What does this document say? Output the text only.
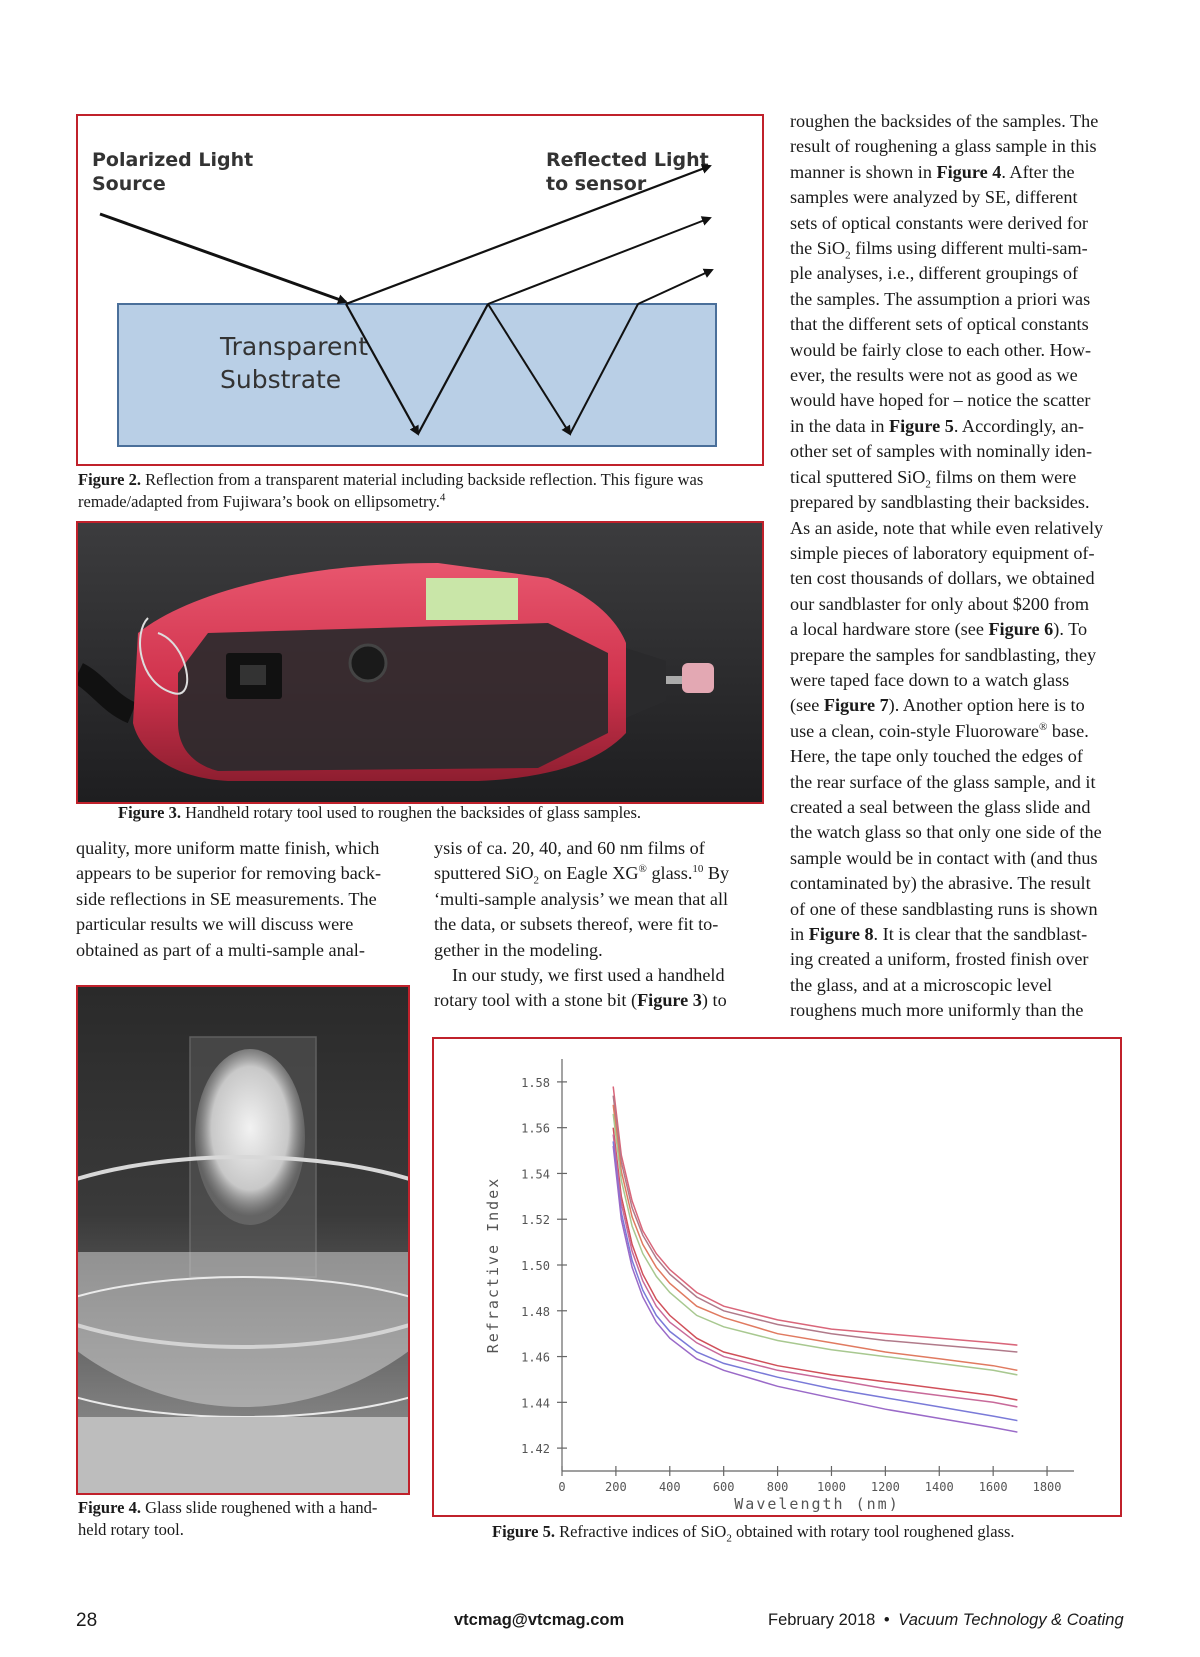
Polarized Light
Source
Reflected Light
to sensor
Transparent
Substrate
Figure 2. Reflection from a transparent material including backside reflection. This figure was
remade/adapted from Fujiwara’s book on ellipsometry.$^4$
Figure 3. Handheld rotary tool used to roughen the backsides of glass samples.
quality, more uniform matte finish, which
appears to be superior for removing back-
side reflections in SE measurements. The
particular results we will discuss were
obtained as part of a multi-sample anal-
ysis of ca. 20, 40, and 60 nm films of
sputtered SiO$_2$ on Eagle XG® glass.$^{10}$ By
‘multi-sample analysis’ we mean that all
the data, or subsets thereof, were fit to-
gether in the modeling.
In our study, we first used a handheld
rotary tool with a stone bit (Figure 3) to
roughen the backsides of the samples. The
result of roughening a glass sample in this
manner is shown in Figure 4. After the
samples were analyzed by SE, different
sets of optical constants were derived for
the SiO$_2$ films using different multi-sam-
ple analyses, i.e., different groupings of
the samples. The assumption a priori was
that the different sets of optical constants
would be fairly close to each other. How-
ever, the results were not as good as we
would have hoped for – notice the scatter
in the data in Figure 5. Accordingly, an-
other set of samples with nominally iden-
tical sputtered SiO$_2$ films on them were
prepared by sandblasting their backsides.
As an aside, note that while even relatively
simple pieces of laboratory equipment of-
ten cost thousands of dollars, we obtained
our sandblaster for only about $200 from
a local hardware store (see Figure 6). To
prepare the samples for sandblasting, they
were taped face down to a watch glass
(see Figure 7). Another option here is to
use a clean, coin-style Fluoroware® base.
Here, the tape only touched the edges of
the rear surface of the glass sample, and it
created a seal between the glass slide and
the watch glass so that only one side of the
sample would be in contact with (and thus
contaminated by) the abrasive. The result
of one of these sandblasting runs is shown
in Figure 8. It is clear that the sandblast-
ing created a uniform, frosted finish over
the glass, and at a microscopic level
roughens much more uniformly than the
Figure 4. Glass slide roughened with a hand-
held rotary tool.
1.42
1.44
1.46
1.48
1.50
1.52
1.54
1.56
1.58
0	200	400	600	800 1000 1200 1400 1600 1800
Refractive Index
Wavelength (nm)
Figure 5. Refractive indices of SiO$_2$ obtained with rotary tool roughened glass.
28	vtcmag@vtcmag.com	February 2018 • Vacuum Technology & Coating
